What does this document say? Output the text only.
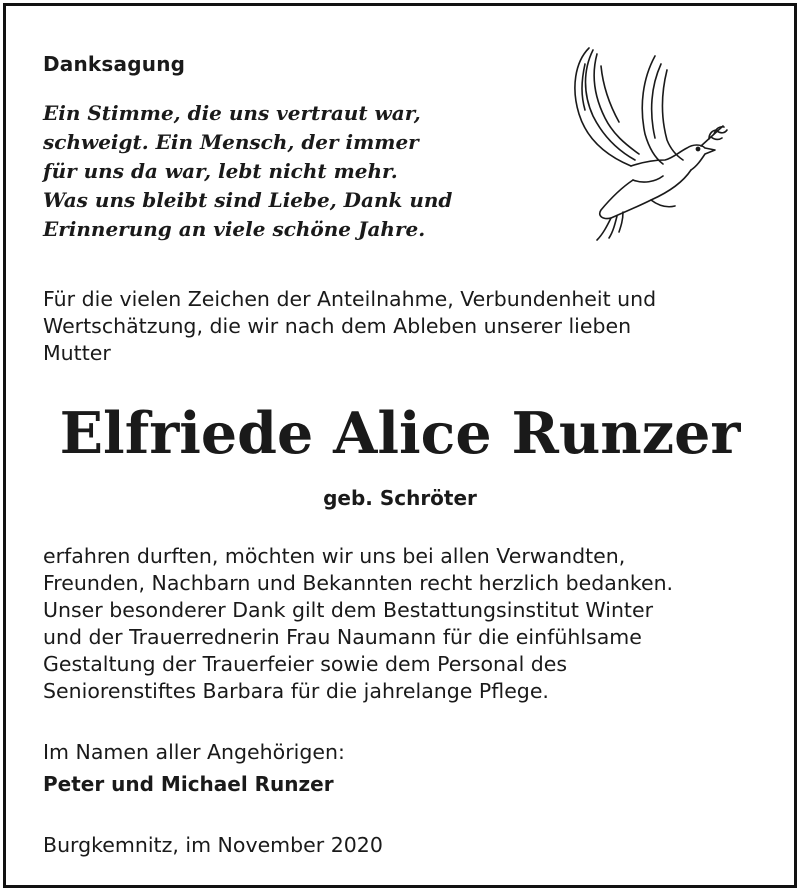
Danksagung

Ein Stimme, die uns vertraut war,
schweigt. Ein Mensch, der immer
für uns da war, lebt nicht mehr.
Was uns bleibt sind Liebe, Dank und
Erinnerung an viele schöne Jahre.

Für die vielen Zeichen der Anteilnahme, Verbundenheit und
Wertschätzung, die wir nach dem Ableben unserer lieben
Mutter

Elfriede Alice Runzer

geb. Schröter

erfahren durften, möchten wir uns bei allen Verwandten,
Freunden, Nachbarn und Bekannten recht herzlich bedanken.
Unser besonderer Dank gilt dem Bestattungsinstitut Winter
und der Trauerrednerin Frau Naumann für die einfühlsame
Gestaltung der Trauerfeier sowie dem Personal des
Seniorenstiftes Barbara für die jahrelange Pflege.

Im Namen aller Angehörigen:

Peter und Michael Runzer

Burgkemnitz, im November 2020
